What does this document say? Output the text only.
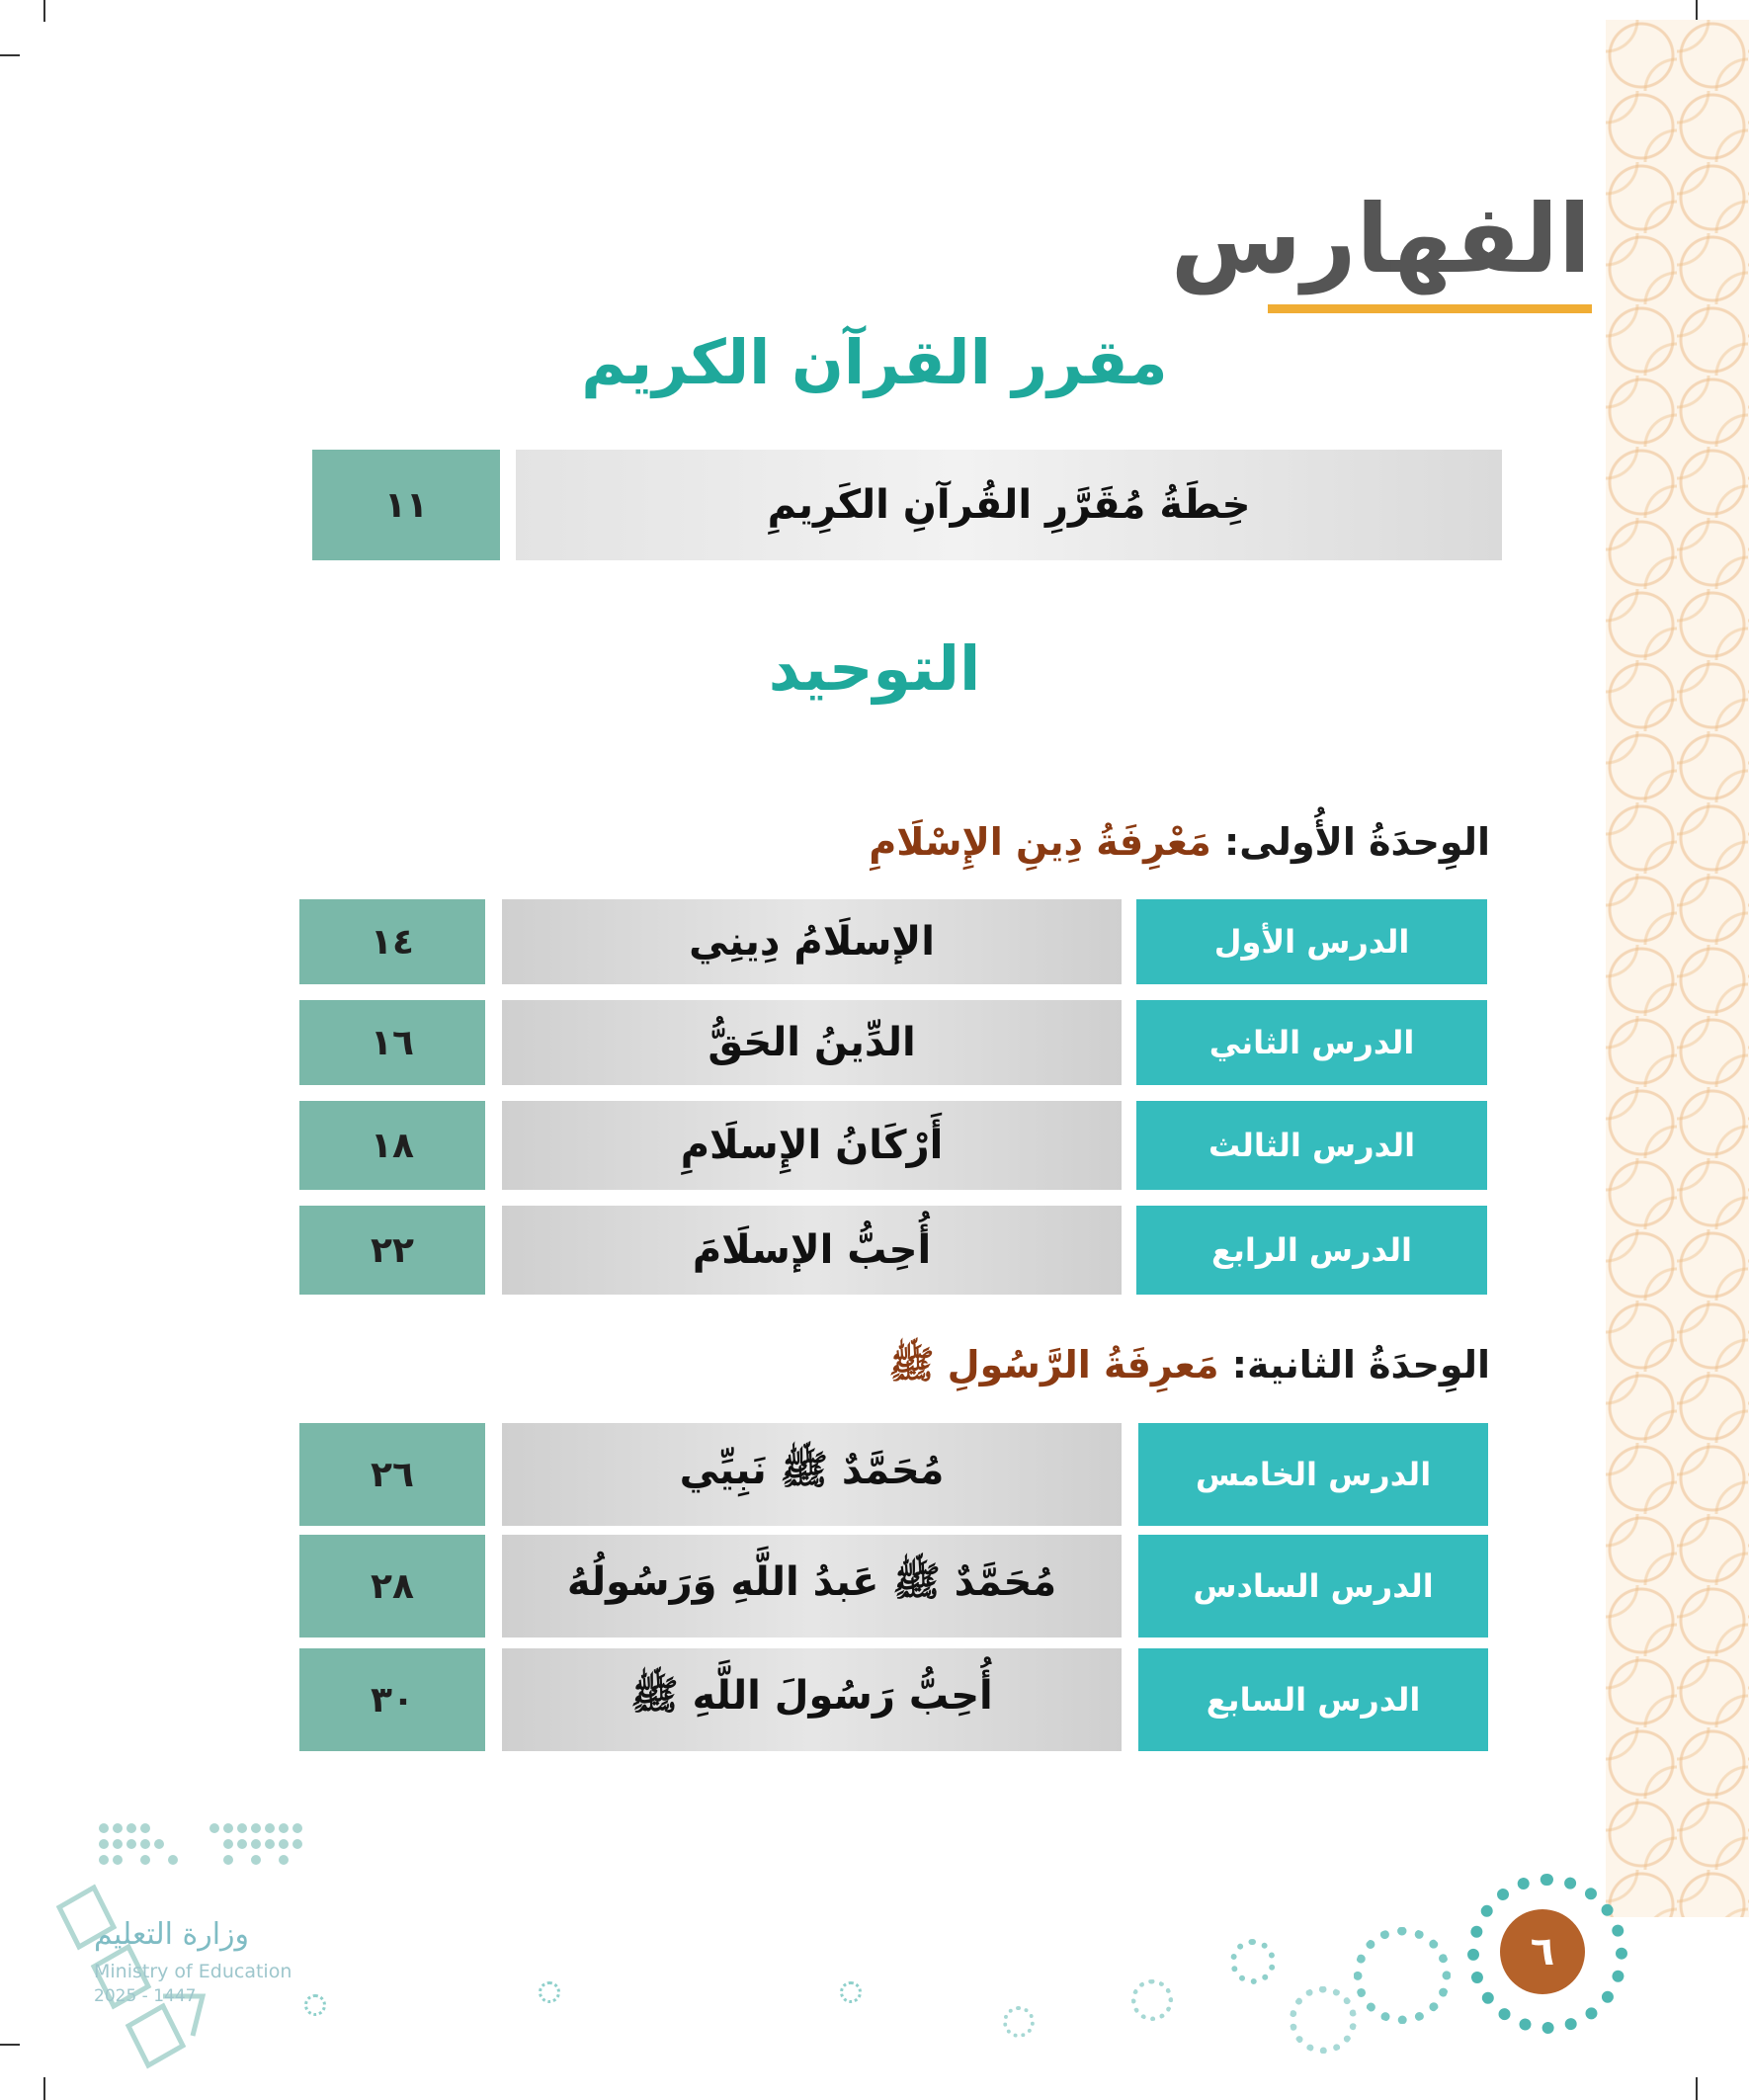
الفهارس
مقرر القرآن الكريم
خِطَةُ مُقَرَّرِ القُرآنِ الكَرِيمِ
١١
التوحيد
الوِحدَةُ الأُولى: مَعْرِفَةُ دِينِ الإِسْلَامِ
الدرس الأول
الإسلَامُ دِينِي
١٤
الدرس الثاني
الدِّينُ الحَقُّ
١٦
الدرس الثالث
أَرْكَانُ الإِسلَامِ
١٨
الدرس الرابع
أُحِبُّ الإسلَامَ
٢٢
الوِحدَةُ الثانية: مَعرِفَةُ الرَّسُولِ ﷺ
الدرس الخامس
مُحَمَّدٌ ﷺ نَبِيِّي
٢٦
الدرس السادس
مُحَمَّدٌ ﷺ عَبدُ اللَّهِ وَرَسُولُهُ
٢٨
الدرس السابع
أُحِبُّ رَسُولَ اللَّهِ ﷺ
٣٠
٦
وزارة التعليم
Ministry of Education
2025 - 1447
